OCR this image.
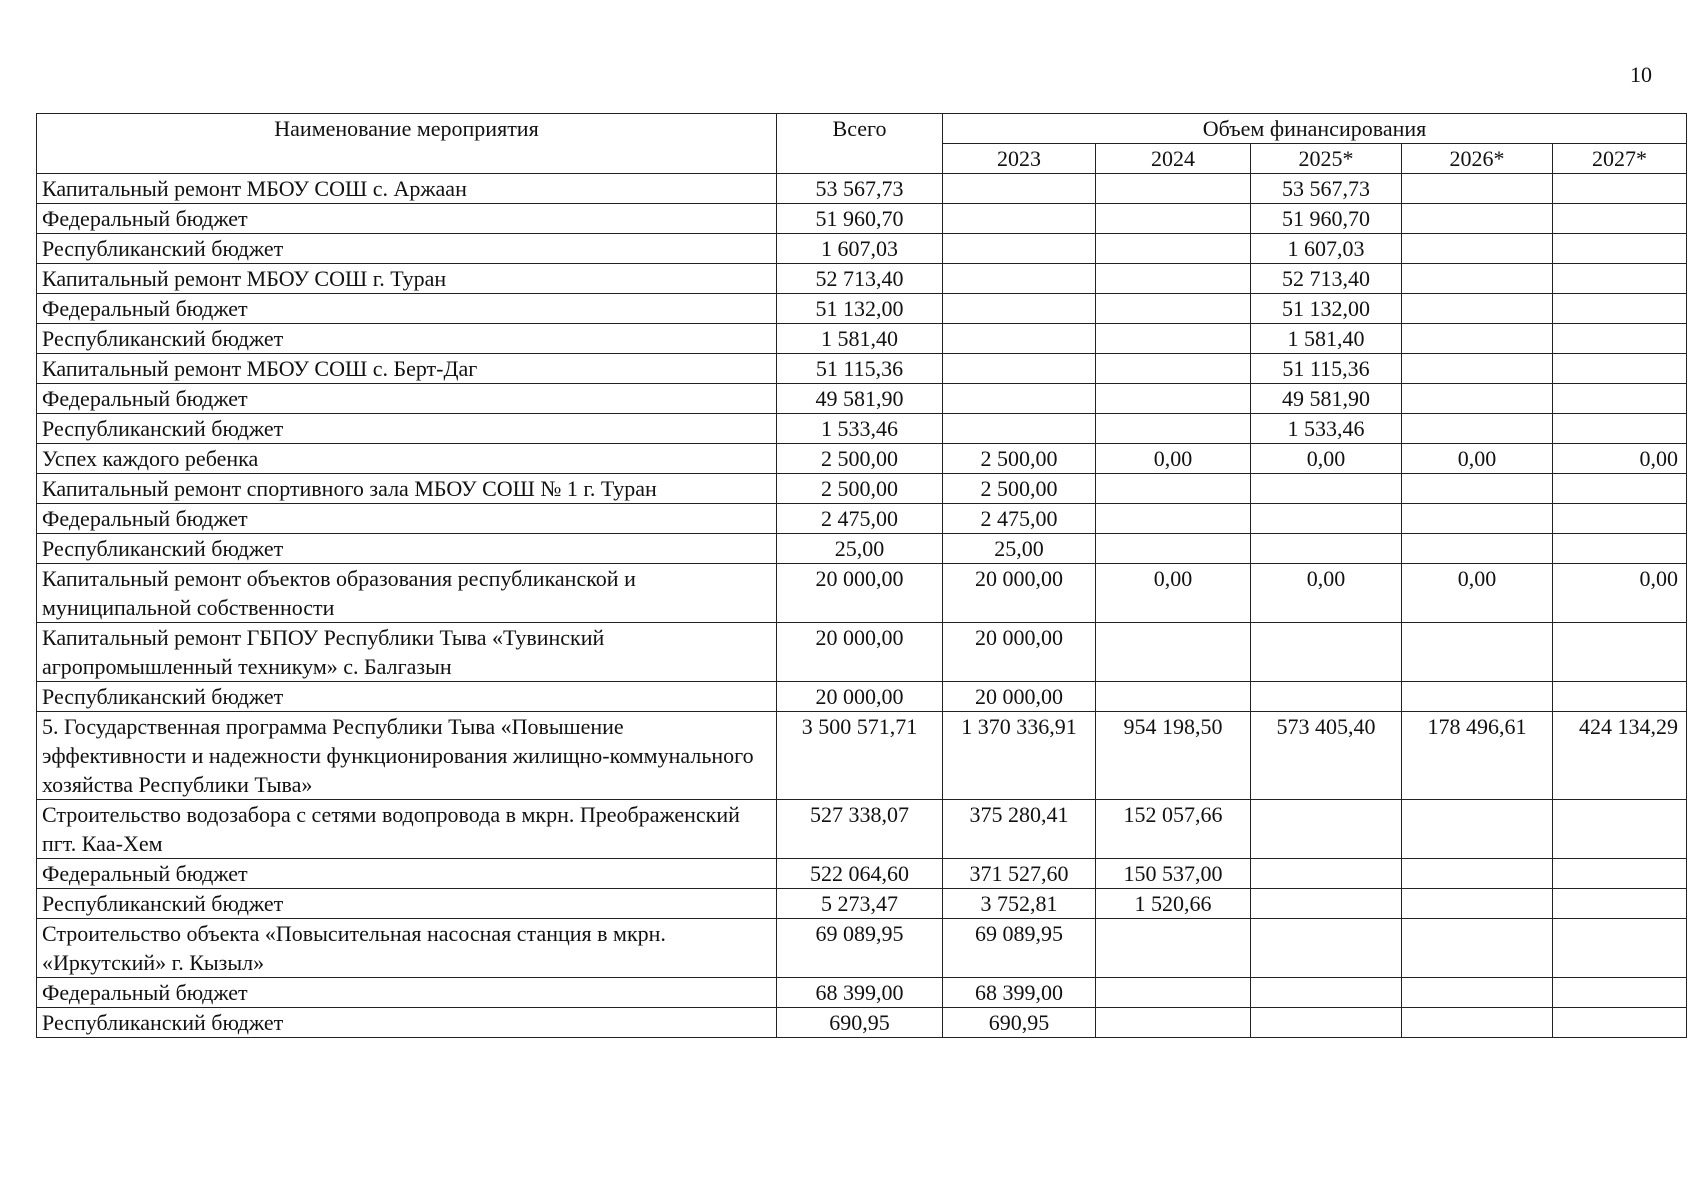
10
Наименование мероприятия	Всего	Объем финансирования				
		2023	2024	2025*	2026*	2027*
Капитальный ремонт МБОУ СОШ с. Аржаан	53 567,73			53 567,73		
Федеральный бюджет	51 960,70			51 960,70		
Республиканский бюджет	1 607,03			1 607,03		
Капитальный ремонт МБОУ СОШ г. Туран	52 713,40			52 713,40		
Федеральный бюджет	51 132,00			51 132,00		
Республиканский бюджет	1 581,40			1 581,40		
Капитальный ремонт МБОУ СОШ с. Берт-Даг	51 115,36			51 115,36		
Федеральный бюджет	49 581,90			49 581,90		
Республиканский бюджет	1 533,46			1 533,46		
Успех каждого ребенка	2 500,00	2 500,00	0,00	0,00	0,00	0,00
Капитальный ремонт спортивного зала МБОУ СОШ № 1 г. Туран	2 500,00	2 500,00				
Федеральный бюджет	2 475,00	2 475,00				
Республиканский бюджет	25,00	25,00				
Капитальный ремонт объектов образования республиканской и муниципальной собственности	20 000,00	20 000,00	0,00	0,00	0,00	0,00
Капитальный ремонт ГБПОУ Республики Тыва «Тувинский агропромышленный техникум» с. Балгазын	20 000,00	20 000,00				
Республиканский бюджет	20 000,00	20 000,00				
5. Государственная программа Республики Тыва «Повышение эффективности и надежности функционирования жилищно-коммунального хозяйства Республики Тыва»	3 500 571,71	1 370 336,91	954 198,50	573 405,40	178 496,61	424 134,29
Строительство водозабора с сетями водопровода в мкрн. Преображенский пгт. Каа-Хем	527 338,07	375 280,41	152 057,66			
Федеральный бюджет	522 064,60	371 527,60	150 537,00			
Республиканский бюджет	5 273,47	3 752,81	1 520,66			
Строительство объекта «Повысительная насосная станция в мкрн. «Иркутский» г. Кызыл»	69 089,95	69 089,95				
Федеральный бюджет	68 399,00	68 399,00				
Республиканский бюджет	690,95	690,95				
